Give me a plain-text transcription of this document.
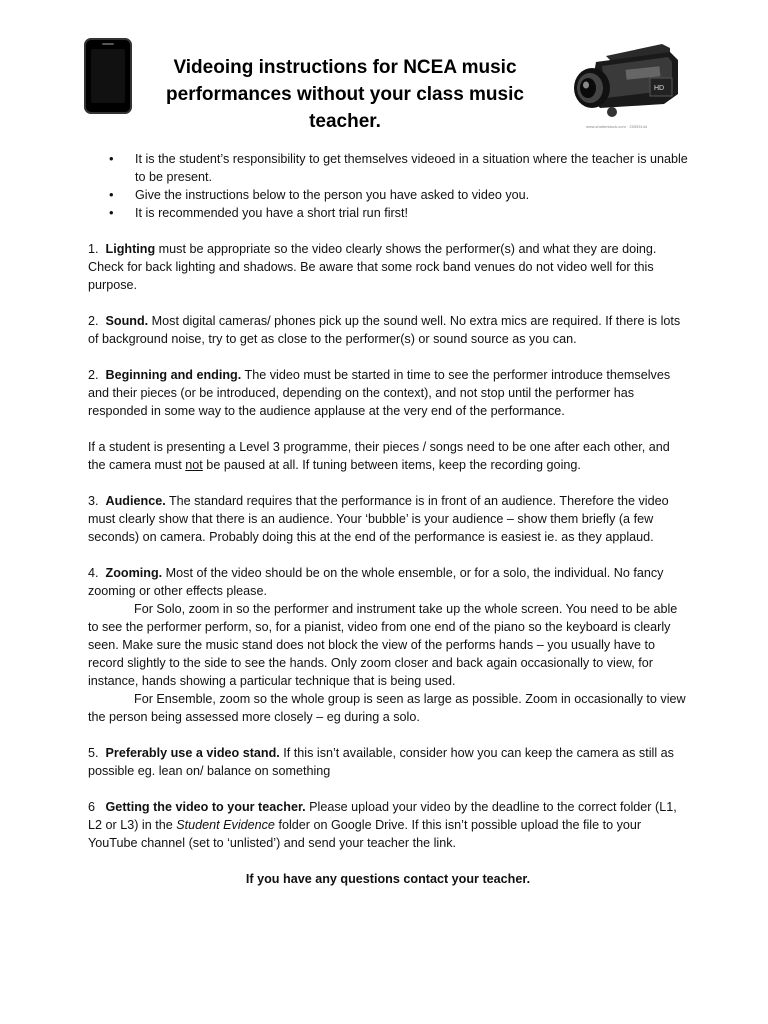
Videoing instructions for NCEA music
performances without your class music
teacher.
HD
www.shutterstock.com · 25393144
• It is the student’s responsibility to get themselves videoed in a situation where the teacher is unable to be present.
• Give the instructions below to the person you have asked to video you.
• It is recommended you have a short trial run first!

1. Lighting must be appropriate so the video clearly shows the performer(s) and what they are doing. Check for back lighting and shadows. Be aware that some rock band venues do not video well for this purpose.

2. Sound. Most digital cameras/ phones pick up the sound well. No extra mics are required. If there is lots of background noise, try to get as close to the performer(s) or sound source as you can.

2. Beginning and ending. The video must be started in time to see the performer introduce themselves and their pieces (or be introduced, depending on the context), and not stop until the performer has responded in some way to the audience applause at the very end of the performance.

If a student is presenting a Level 3 programme, their pieces / songs need to be one after each other, and the camera must not be paused at all. If tuning between items, keep the recording going.

3. Audience. The standard requires that the performance is in front of an audience. Therefore the video must clearly show that there is an audience. Your ‘bubble’ is your audience – show them briefly (a few seconds) on camera. Probably doing this at the end of the performance is easiest ie. as they applaud.

4. Zooming. Most of the video should be on the whole ensemble, or for a solo, the individual. No fancy zooming or other effects please.

For Solo, zoom in so the performer and instrument take up the whole screen. You need to be able to see the performer perform, so, for a pianist, video from one end of the piano so the keyboard is clearly seen. Make sure the music stand does not block the view of the performs hands – you usually have to record slightly to the side to see the hands. Only zoom closer and back again occasionally to view, for instance, hands showing a particular technique that is being used.

For Ensemble, zoom so the whole group is seen as large as possible. Zoom in occasionally to view the person being assessed more closely – eg during a solo.

5. Preferably use a video stand. If this isn’t available, consider how you can keep the camera as still as possible eg. lean on/ balance on something

6 Getting the video to your teacher. Please upload your video by the deadline to the correct folder (L1, L2 or L3) in the Student Evidence folder on Google Drive. If this isn’t possible upload the file to your YouTube channel (set to ‘unlisted’) and send your teacher the link.

If you have any questions contact your teacher.
